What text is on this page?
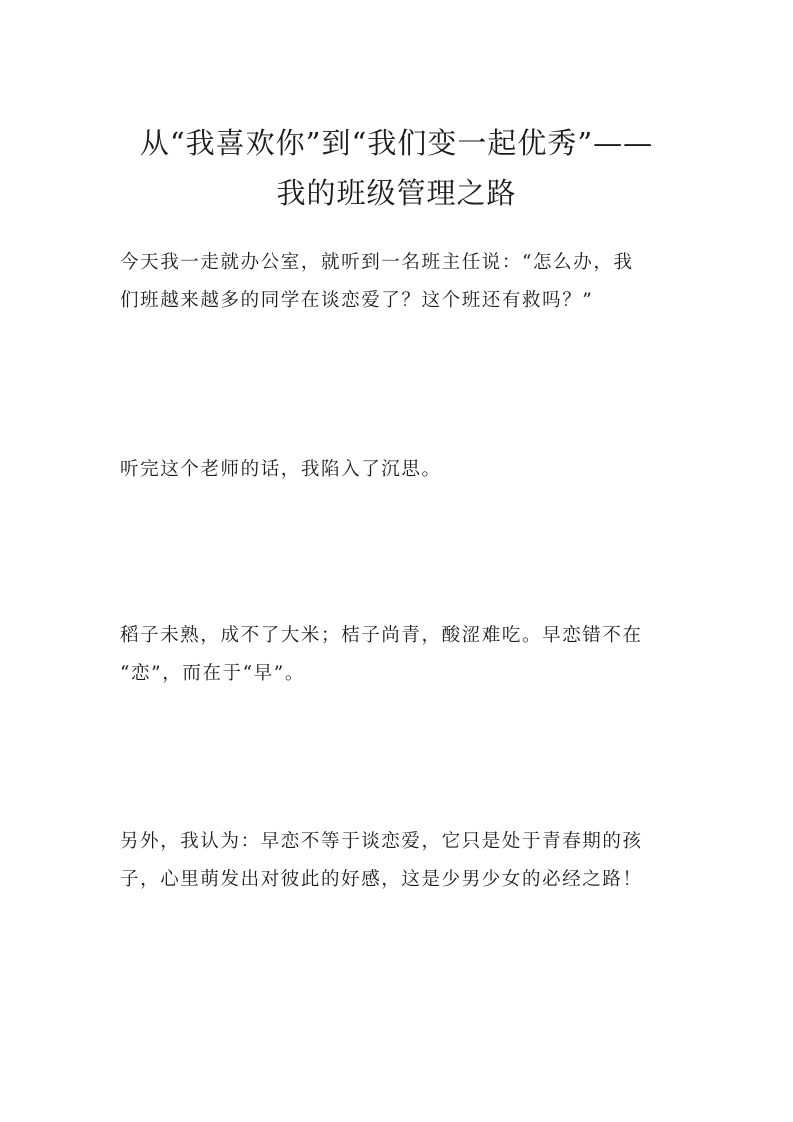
从“我喜欢你”到“我们变一起优秀”——
我的班级管理之路
今天我一走就办公室，就听到一名班主任说：“怎么办，我
们班越来越多的同学在谈恋爱了？这个班还有救吗？”
听完这个老师的话，我陷入了沉思。
稻子未熟，成不了大米；桔子尚青，酸涩难吃。早恋错不在
“恋”，而在于“早”。
另外，我认为：早恋不等于谈恋爱，它只是处于青春期的孩
子，心里萌发出对彼此的好感，这是少男少女的必经之路！
